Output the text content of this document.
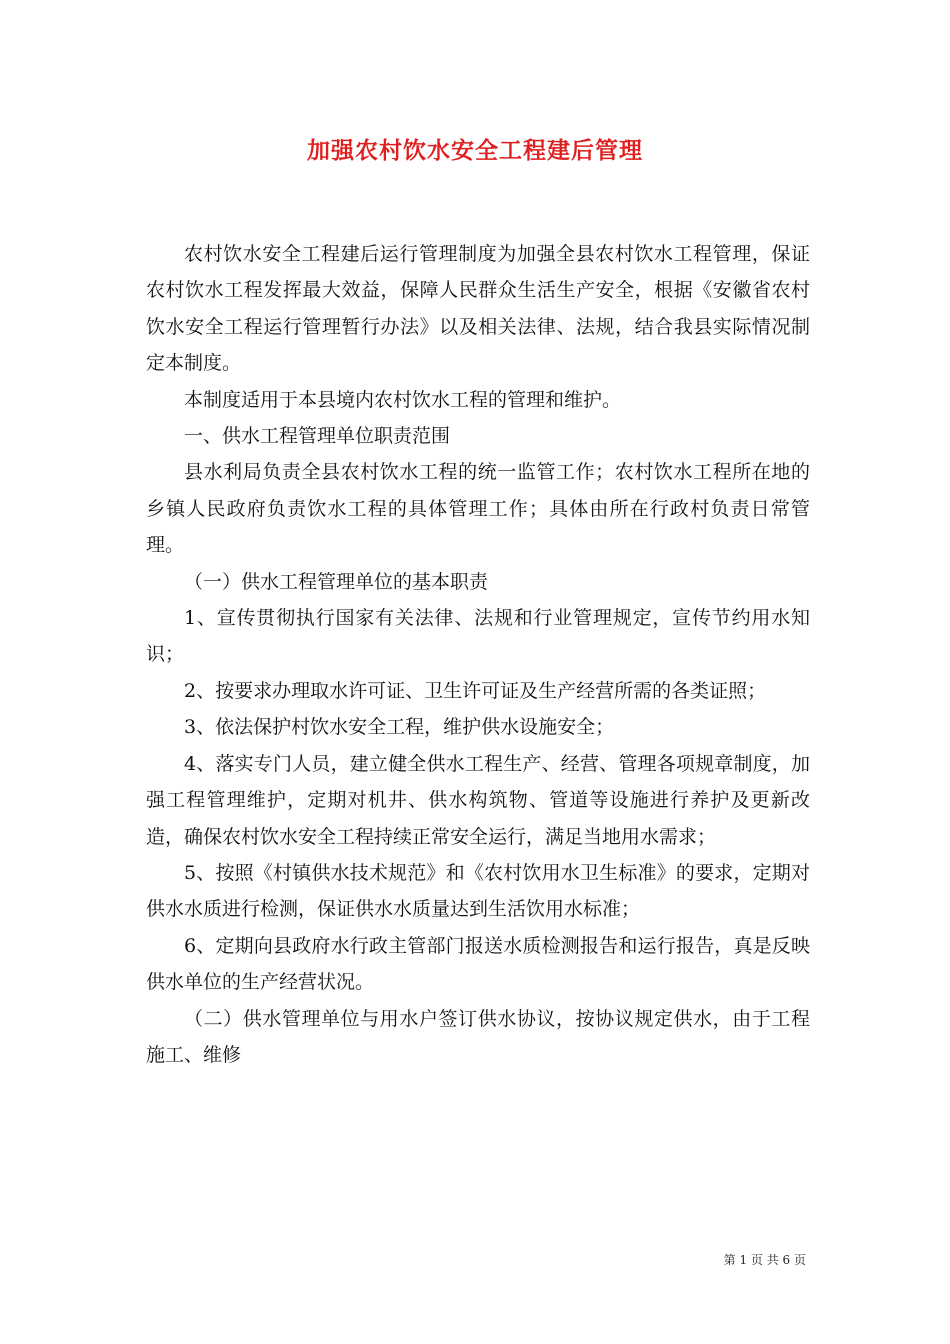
加强农村饮水安全工程建后管理

农村饮水安全工程建后运行管理制度为加强全县农村饮水工程管理，保证农村饮水工程发挥最大效益，保障人民群众生活生产安全，根据《安徽省农村饮水安全工程运行管理暂行办法》以及相关法律、法规，结合我县实际情况制定本制度。

本制度适用于本县境内农村饮水工程的管理和维护。

一、供水工程管理单位职责范围

县水利局负责全县农村饮水工程的统一监管工作；农村饮水工程所在地的乡镇人民政府负责饮水工程的具体管理工作；具体由所在行政村负责日常管理。

（一）供水工程管理单位的基本职责

1、宣传贯彻执行国家有关法律、法规和行业管理规定，宣传节约用水知识；

2、按要求办理取水许可证、卫生许可证及生产经营所需的各类证照；

3、依法保护村饮水安全工程，维护供水设施安全；

4、落实专门人员，建立健全供水工程生产、经营、管理各项规章制度，加强工程管理维护，定期对机井、供水构筑物、管道等设施进行养护及更新改造，确保农村饮水安全工程持续正常安全运行，满足当地用水需求；

5、按照《村镇供水技术规范》和《农村饮用水卫生标准》的要求，定期对供水水质进行检测，保证供水水质量达到生活饮用水标准；

6、定期向县政府水行政主管部门报送水质检测报告和运行报告，真是反映供水单位的生产经营状况。

（二）供水管理单位与用水户签订供水协议，按协议规定供水，由于工程施工、维修

第 1 页 共 6 页
